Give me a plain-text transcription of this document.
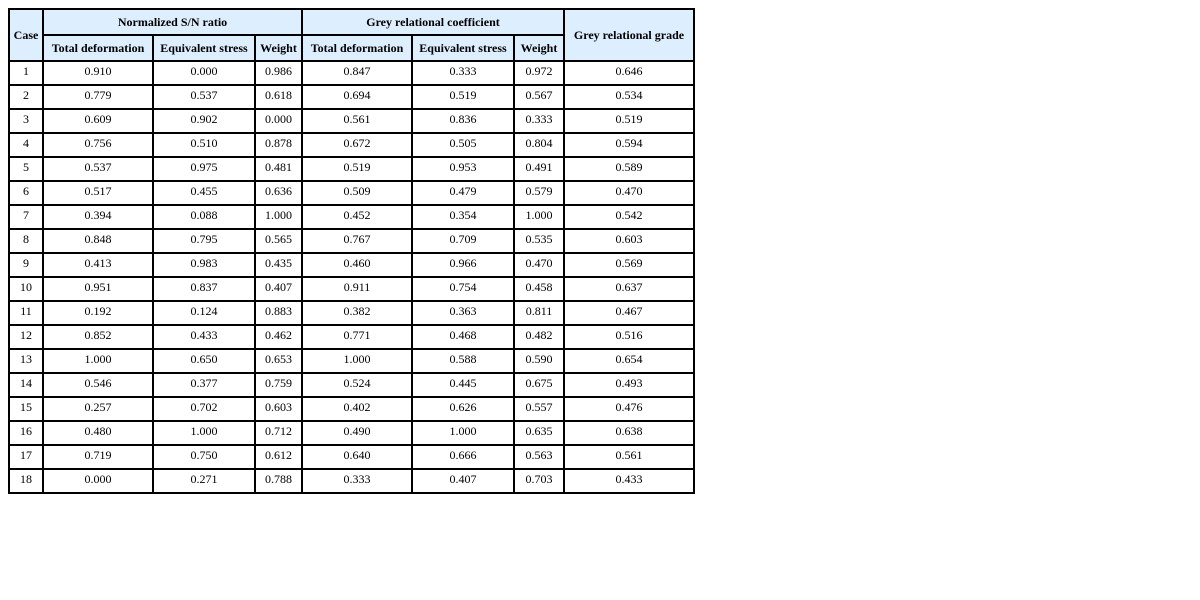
Case	Normalized S/N ratio			Grey relational coefficient			Grey relational grade
	Total deformation	Equivalent stress	Weight	Total deformation	Equivalent stress	Weight	
1	0.910	0.000	0.986	0.847	0.333	0.972	0.646
2	0.779	0.537	0.618	0.694	0.519	0.567	0.534
3	0.609	0.902	0.000	0.561	0.836	0.333	0.519
4	0.756	0.510	0.878	0.672	0.505	0.804	0.594
5	0.537	0.975	0.481	0.519	0.953	0.491	0.589
6	0.517	0.455	0.636	0.509	0.479	0.579	0.470
7	0.394	0.088	1.000	0.452	0.354	1.000	0.542
8	0.848	0.795	0.565	0.767	0.709	0.535	0.603
9	0.413	0.983	0.435	0.460	0.966	0.470	0.569
10	0.951	0.837	0.407	0.911	0.754	0.458	0.637
11	0.192	0.124	0.883	0.382	0.363	0.811	0.467
12	0.852	0.433	0.462	0.771	0.468	0.482	0.516
13	1.000	0.650	0.653	1.000	0.588	0.590	0.654
14	0.546	0.377	0.759	0.524	0.445	0.675	0.493
15	0.257	0.702	0.603	0.402	0.626	0.557	0.476
16	0.480	1.000	0.712	0.490	1.000	0.635	0.638
17	0.719	0.750	0.612	0.640	0.666	0.563	0.561
18	0.000	0.271	0.788	0.333	0.407	0.703	0.433
